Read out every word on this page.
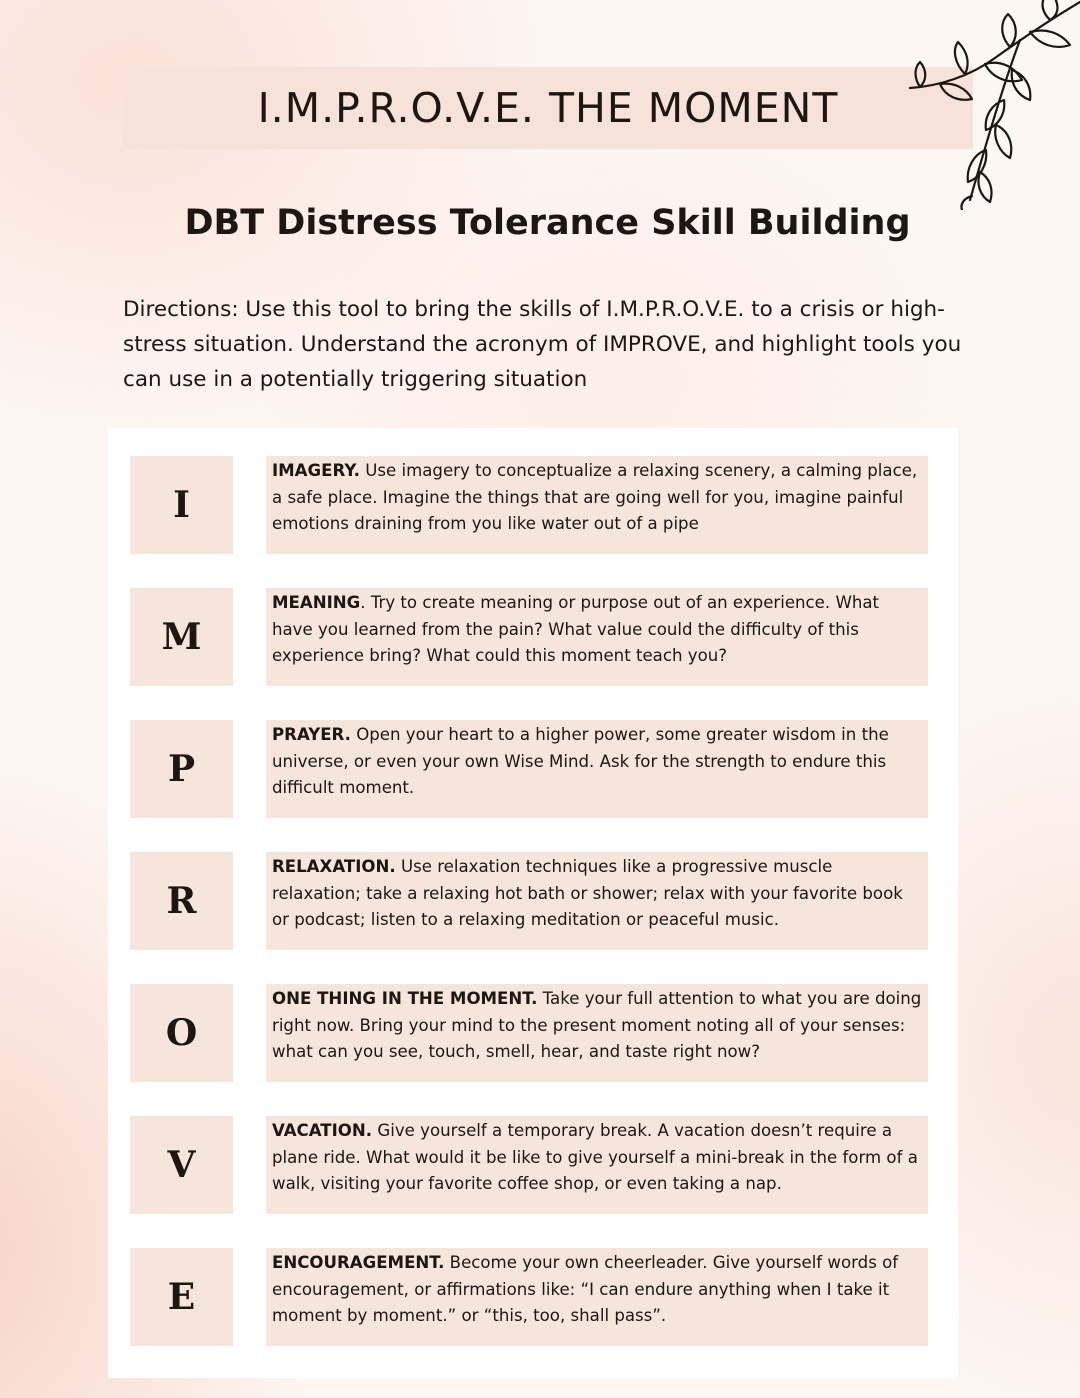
I.M.P.R.O.V.E. THE MOMENT
DBT Distress Tolerance Skill Building

Directions: Use this tool to bring the skills of I.M.P.R.O.V.E. to a crisis or high-stress situation. Understand the acronym of IMPROVE, and highlight tools you can use in a potentially triggering situation

I
IMAGERY. Use imagery to conceptualize a relaxing scenery, a calming place, a safe place. Imagine the things that are going well for you, imagine painful emotions draining from you like water out of a pipe
M
MEANING. Try to create meaning or purpose out of an experience. What have you learned from the pain? What value could the difficulty of this experience bring? What could this moment teach you?
P
PRAYER. Open your heart to a higher power, some greater wisdom in the universe, or even your own Wise Mind. Ask for the strength to endure this difficult moment.
R
RELAXATION. Use relaxation techniques like a progressive muscle relaxation; take a relaxing hot bath or shower; relax with your favorite book or podcast; listen to a relaxing meditation or peaceful music.
O
ONE THING IN THE MOMENT. Take your full attention to what you are doing right now. Bring your mind to the present moment noting all of your senses: what can you see, touch, smell, hear, and taste right now?
V
VACATION. Give yourself a temporary break. A vacation doesn’t require a plane ride. What would it be like to give yourself a mini-break in the form of a walk, visiting your favorite coffee shop, or even taking a nap.
E
ENCOURAGEMENT. Become your own cheerleader. Give yourself words of encouragement, or affirmations like: “I can endure anything when I take it moment by moment.” or “this, too, shall pass”.
